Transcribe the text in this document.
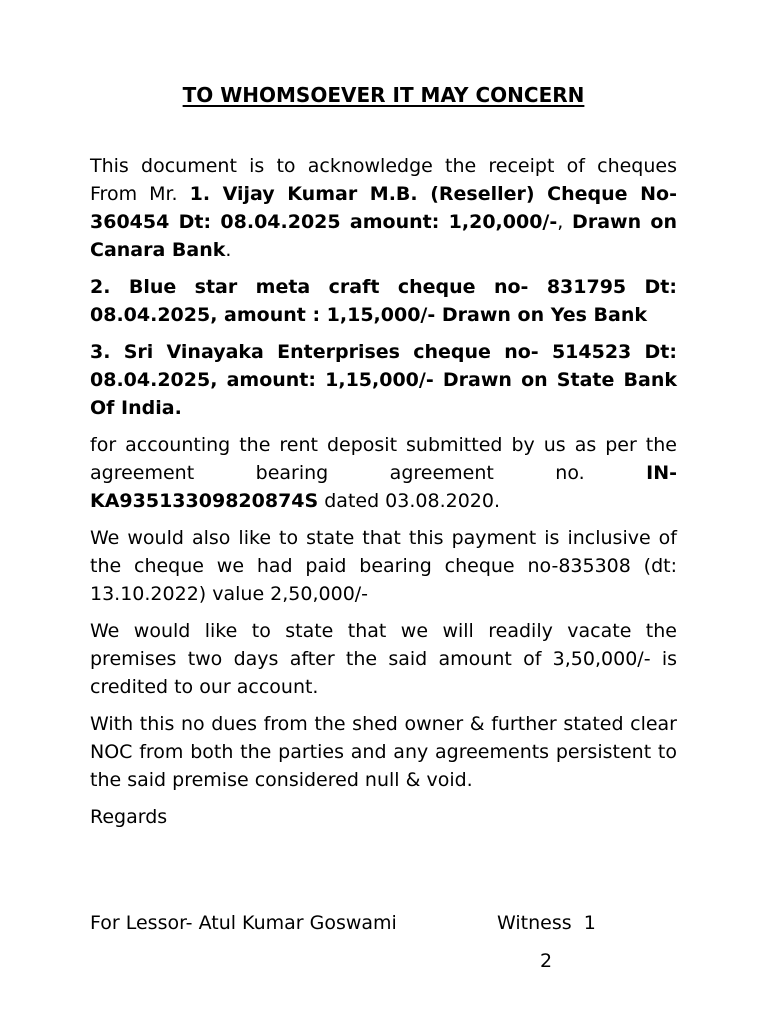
TO WHOMSOEVER IT MAY CONCERN

This document is to acknowledge the receipt of cheques From Mr. 1. Vijay Kumar M.B. (Reseller) Cheque No- 360454 Dt: 08.04.2025 amount: 1,20,000/-, Drawn on Canara Bank.

2. Blue star meta craft cheque no- 831795 Dt: 08.04.2025, amount : 1,15,000/- Drawn on Yes Bank

3. Sri Vinayaka Enterprises cheque no- 514523 Dt: 08.04.2025, amount: 1,15,000/- Drawn on State Bank Of India.

for accounting the rent deposit submitted by us as per the agreement bearing agreement no. IN-KA93513309820874S dated 03.08.2020.

We would also like to state that this payment is inclusive of the cheque we had paid bearing cheque no-835308 (dt: 13.10.2022) value 2,50,000/-

We would like to state that we will readily vacate the premises two days after the said amount of 3,50,000/- is credited to our account.

With this no dues from the shed owner & further stated clear NOC from both the parties and any agreements persistent to the said premise considered null & void.

Regards

For Lessor- Atul Kumar Goswami	Witness  1
2
